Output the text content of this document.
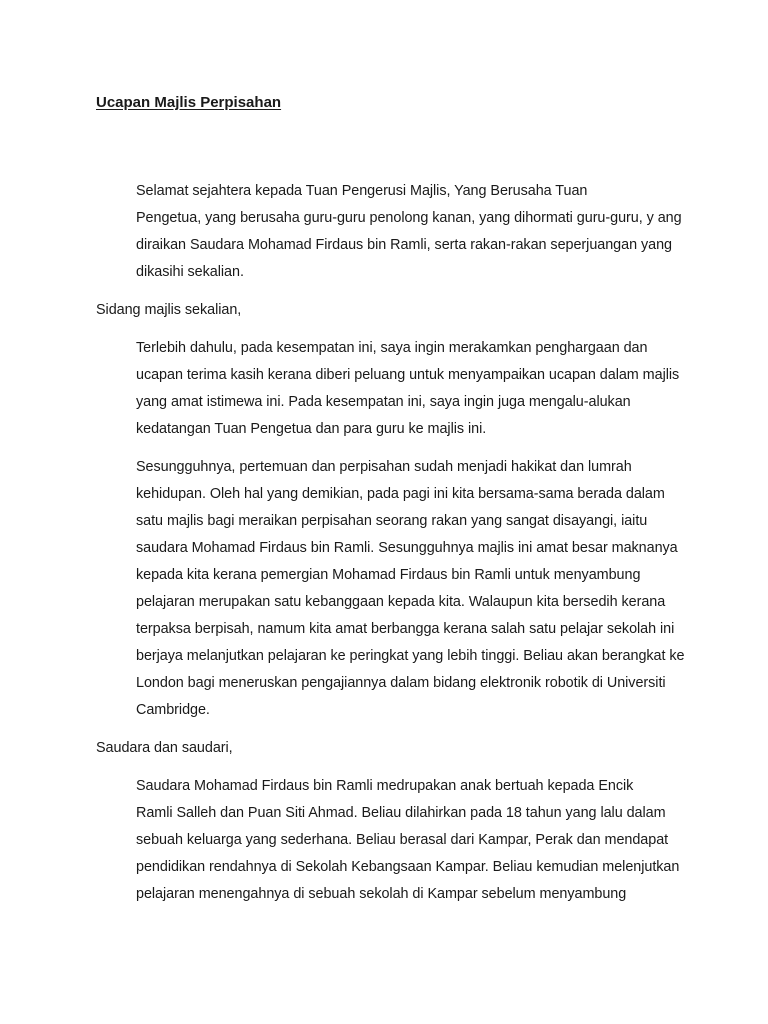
Ucapan Majlis Perpisahan

Selamat sejahtera kepada Tuan Pengerusi Majlis, Yang Berusaha Tuan
Pengetua, yang berusaha guru-guru penolong kanan, yang dihormati guru-guru, y ang
diraikan Saudara Mohamad Firdaus bin Ramli, serta rakan-rakan seperjuangan yang
dikasihi sekalian.

Sidang majlis sekalian,

Terlebih dahulu, pada kesempatan ini, saya ingin merakamkan penghargaan dan
ucapan terima kasih kerana diberi peluang untuk menyampaikan ucapan dalam majlis
yang amat istimewa ini. Pada kesempatan ini, saya ingin juga mengalu-alukan
kedatangan Tuan Pengetua dan para guru ke majlis ini.

Sesungguhnya, pertemuan dan perpisahan sudah menjadi hakikat dan lumrah
kehidupan. Oleh hal yang demikian, pada pagi ini kita bersama-sama berada dalam
satu majlis bagi meraikan perpisahan seorang rakan yang sangat disayangi, iaitu
saudara Mohamad Firdaus bin Ramli. Sesungguhnya majlis ini amat besar maknanya
kepada kita kerana pemergian Mohamad Firdaus bin Ramli untuk menyambung
pelajaran merupakan satu kebanggaan kepada kita. Walaupun kita bersedih kerana
terpaksa berpisah, namum kita amat berbangga kerana salah satu pelajar sekolah ini
berjaya melanjutkan pelajaran ke peringkat yang lebih tinggi. Beliau akan berangkat ke
London bagi meneruskan pengajiannya dalam bidang elektronik robotik di Universiti
Cambridge.

Saudara dan saudari,

Saudara Mohamad Firdaus bin Ramli medrupakan anak bertuah kepada Encik
Ramli Salleh dan Puan Siti Ahmad. Beliau dilahirkan pada 18 tahun yang lalu dalam
sebuah keluarga yang sederhana. Beliau berasal dari Kampar, Perak dan mendapat
pendidikan rendahnya di Sekolah Kebangsaan Kampar. Beliau kemudian melenjutkan
pelajaran menengahnya di sebuah sekolah di Kampar sebelum menyambung
